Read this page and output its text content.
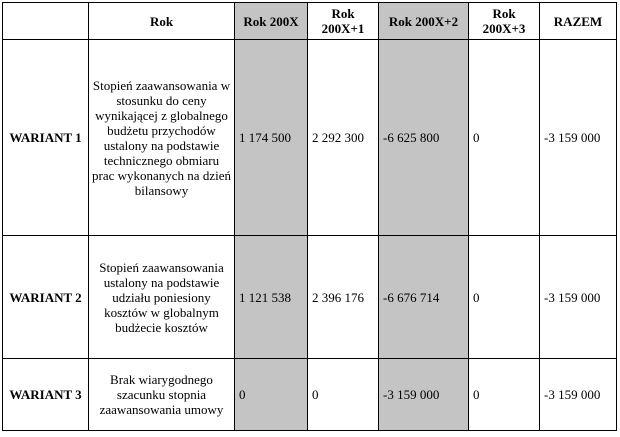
	Rok	Rok 200X	Rok 200X+1	Rok 200X+2	Rok 200X+3	RAZEM
WARIANT 1	Stopień zaawansowania w stosunku do ceny wynikającej z globalnego budżetu przychodów ustalony na podstawie technicznego obmiaru prac wykonanych na dzień bilansowy	1 174 500	2 292 300	-6 625 800	0	-3 159 000
WARIANT 2	Stopień zaawansowania ustalony na podstawie udziału poniesiony kosztów w globalnym budżecie kosztów	1 121 538	2 396 176	-6 676 714	0	-3 159 000
WARIANT 3	Brak wiarygodnego szacunku stopnia zaawansowania umowy	0	0	-3 159 000	0	-3 159 000
